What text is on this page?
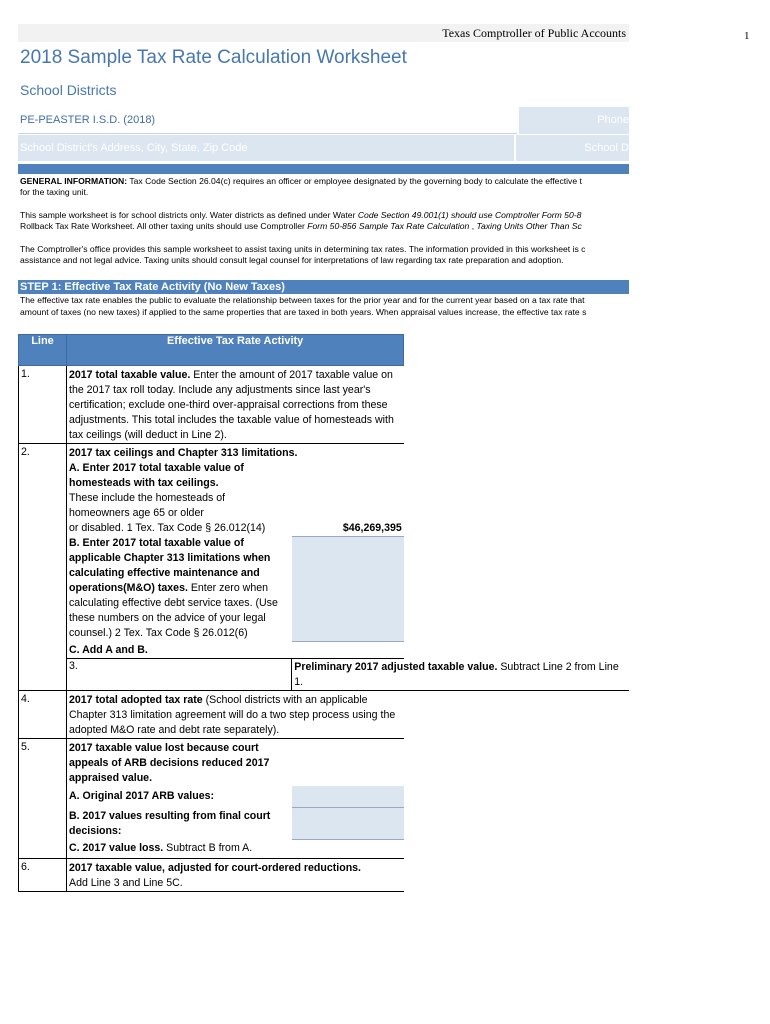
1
Texas Comptroller of Public Accounts
2018 Sample Tax Rate Calculation Worksheet
School Districts
PE-PEASTER I.S.D. (2018)	Phone
School District's Address, City, State, Zip Code	School D

GENERAL INFORMATION: Tax Code Section 26.04(c) requires an officer or employee designated by the governing body to calculate the effective t
for the taxing unit.

This sample worksheet is for school districts only. Water districts as defined under Water Code Section 49.001(1) should use Comptroller Form 50-8
Rollback Tax Rate Worksheet. All other taxing units should use Comptroller Form 50-856 Sample Tax Rate Calculation , Taxing Units Other Than Sc

The Comptroller's office provides this sample worksheet to assist taxing units in determining tax rates. The information provided in this worksheet is c
assistance and not legal advice. Taxing units should consult legal counsel for interpretations of law regarding tax rate preparation and adoption.

STEP 1: Effective Tax Rate Activity (No New Taxes)
The effective tax rate enables the public to evaluate the relationship between taxes for the prior year and for the current year based on a tax rate that
amount of taxes (no new taxes) if applied to the same properties that are taxed in both years. When appraisal values increase, the effective tax rate s
Line	Effective Tax Rate Activity	
1.	2017 total taxable value. Enter the amount of 2017 taxable value on the 2017 tax roll today. Include any adjustments since last year's certification; exclude one-third over-appraisal corrections from these adjustments. This total includes the taxable value of homesteads with tax ceilings (will deduct in Line 2).	
2.	2017 tax ceilings and Chapter 313 limitations.	
	A. Enter 2017 total taxable value of homesteads with tax ceilings.
These include the homesteads of homeowners age 65 or older
or disabled. 1 Tex. Tax Code § 26.012(14)	$46,269,395
	B. Enter 2017 total taxable value of applicable Chapter 313 limitations when calculating effective maintenance and operations(M&O) taxes. Enter zero when calculating effective debt service taxes. (Use these numbers on the advice of your legal counsel.) 2 Tex. Tax Code § 26.012(6)	

	C. Add A and B.	
	3.	Preliminary 2017 adjusted taxable value. Subtract Line 2 from Line 1.
4.	2017 total adopted tax rate (School districts with an applicable Chapter 313 limitation agreement will do a two step process using the adopted M&O rate and debt rate separately).	
5.	2017 taxable value lost because court appeals of ARB decisions reduced 2017 appraised value.	
	A. Original 2017 ARB values:	
	B. 2017 values resulting from final court decisions:	
	C. 2017 value loss. Subtract B from A.	
6.	2017 taxable value, adjusted for court-ordered reductions.
Add Line 3 and Line 5C.	
